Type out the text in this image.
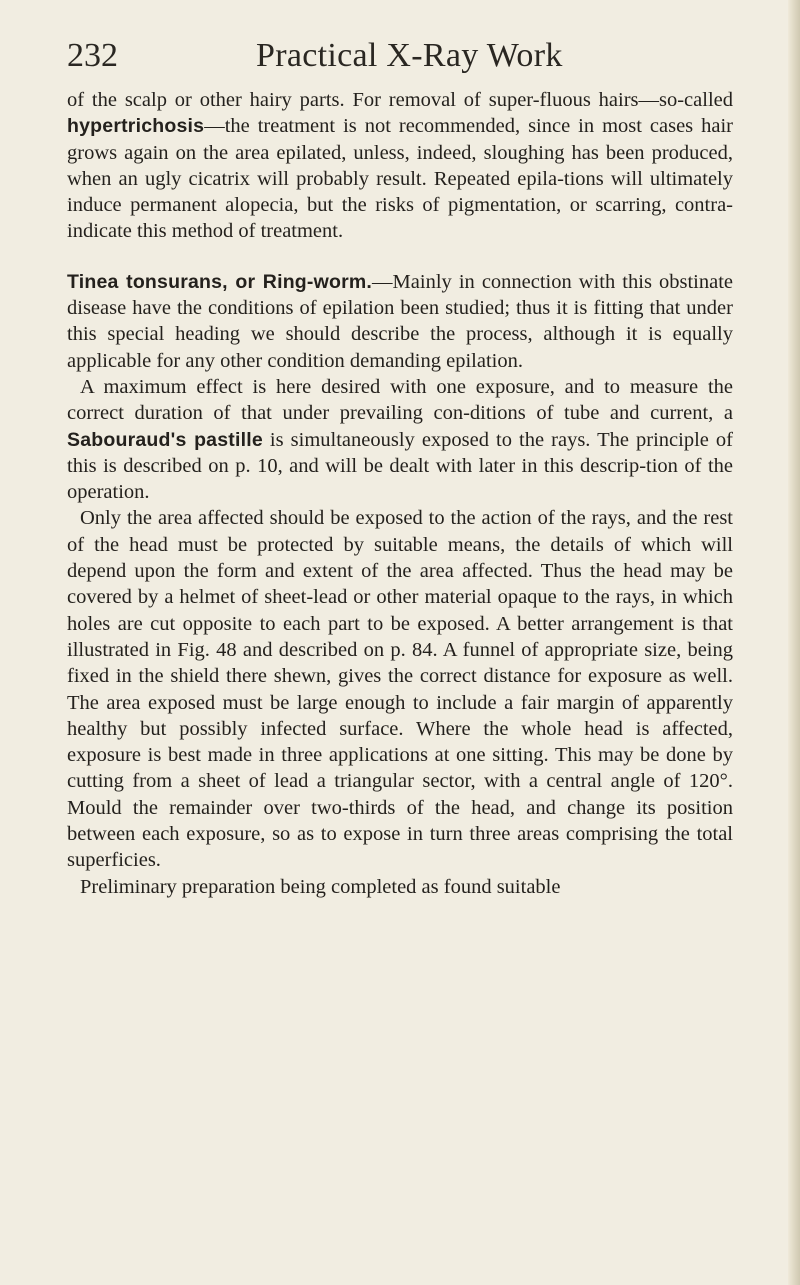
232	Practical X-Ray Work

of the scalp or other hairy parts. For removal of super-fluous hairs—so-called hypertrichosis—the treatment is not recommended, since in most cases hair grows again on the area epilated, unless, indeed, sloughing has been produced, when an ugly cicatrix will probably result. Repeated epila-tions will ultimately induce permanent alopecia, but the risks of pigmentation, or scarring, contra-indicate this method of treatment.

Tinea tonsurans, or Ring-worm.—Mainly in connection with this obstinate disease have the conditions of epilation been studied; thus it is fitting that under this special heading we should describe the process, although it is equally applicable for any other condition demanding epilation.

A maximum effect is here desired with one exposure, and to measure the correct duration of that under prevailing con-ditions of tube and current, a Sabouraud's pastille is simultaneously exposed to the rays. The principle of this is described on p. 10, and will be dealt with later in this descrip-tion of the operation.

Only the area affected should be exposed to the action of the rays, and the rest of the head must be protected by suitable means, the details of which will depend upon the form and extent of the area affected. Thus the head may be covered by a helmet of sheet-lead or other material opaque to the rays, in which holes are cut opposite to each part to be exposed. A better arrangement is that illustrated in Fig. 48 and described on p. 84. A funnel of appropriate size, being fixed in the shield there shewn, gives the correct distance for exposure as well. The area exposed must be large enough to include a fair margin of apparently healthy but possibly infected surface. Where the whole head is affected, exposure is best made in three applications at one sitting. This may be done by cutting from a sheet of lead a triangular sector, with a central angle of 120°. Mould the remainder over two-thirds of the head, and change its position between each exposure, so as to expose in turn three areas comprising the total superficies.

Preliminary preparation being completed as found suitable
